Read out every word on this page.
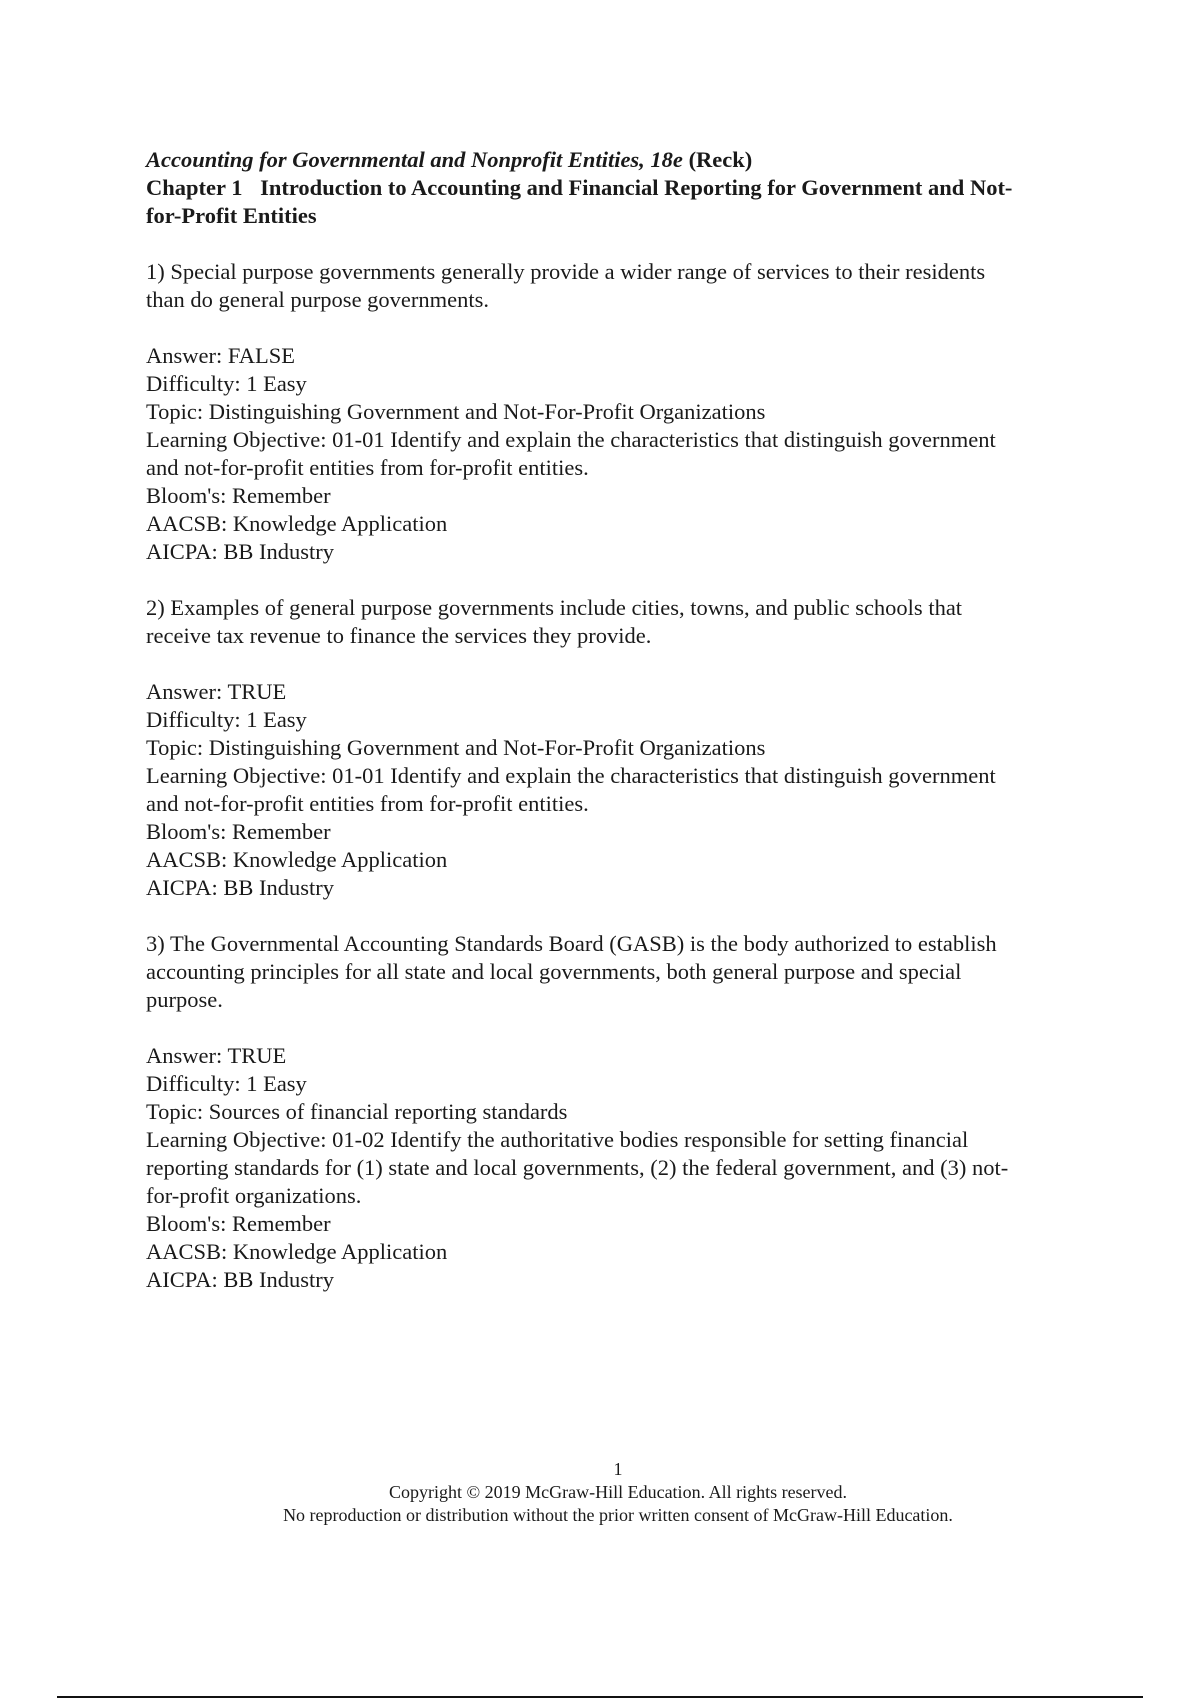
Accounting for Governmental and Nonprofit Entities, 18e (Reck)

Chapter 1 Introduction to Accounting and Financial Reporting for Government and Not-

for-Profit Entities

1) Special purpose governments generally provide a wider range of services to their residents

than do general purpose governments.

Answer: FALSE

Difficulty: 1 Easy

Topic: Distinguishing Government and Not-For-Profit Organizations

Learning Objective: 01-01 Identify and explain the characteristics that distinguish government

and not-for-profit entities from for-profit entities.

Bloom's: Remember

AACSB: Knowledge Application

AICPA: BB Industry

2) Examples of general purpose governments include cities, towns, and public schools that

receive tax revenue to finance the services they provide.

Answer: TRUE

Difficulty: 1 Easy

Topic: Distinguishing Government and Not-For-Profit Organizations

Learning Objective: 01-01 Identify and explain the characteristics that distinguish government

and not-for-profit entities from for-profit entities.

Bloom's: Remember

AACSB: Knowledge Application

AICPA: BB Industry

3) The Governmental Accounting Standards Board (GASB) is the body authorized to establish

accounting principles for all state and local governments, both general purpose and special

purpose.

Answer: TRUE

Difficulty: 1 Easy

Topic: Sources of financial reporting standards

Learning Objective: 01-02 Identify the authoritative bodies responsible for setting financial

reporting standards for (1) state and local governments, (2) the federal government, and (3) not-

for-profit organizations.

Bloom's: Remember

AACSB: Knowledge Application

AICPA: BB Industry

1

Copyright © 2019 McGraw-Hill Education. All rights reserved.

No reproduction or distribution without the prior written consent of McGraw-Hill Education.
